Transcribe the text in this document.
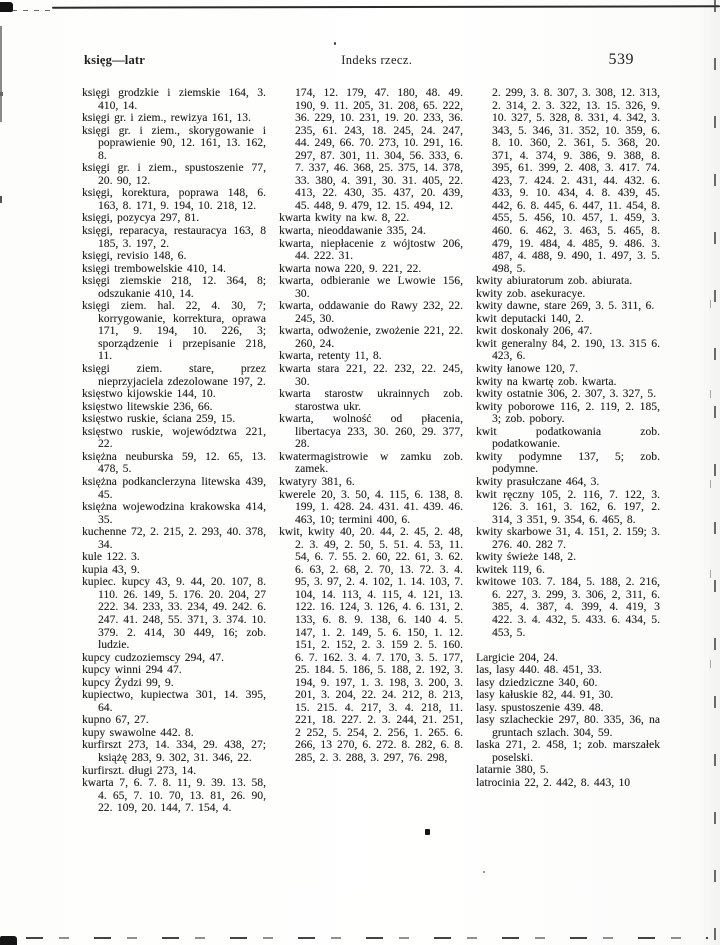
księg—latr	Indeks rzecz.	539

księgi grodzkie i ziemskie 164, 3. 410, 14.

księgi gr. i ziem., rewizya 161, 13.

księgi gr. i ziem., skorygowanie i poprawienie 90, 12. 161, 13. 162, 8.

księgi gr. i ziem., spustoszenie 77, 20. 90, 12.

księgi, korektura, poprawa 148, 6. 163, 8. 171, 9. 194, 10. 218, 12.

księgi, pozycya 297, 81.

księgi, reparacya, restauracya 163, 8 185, 3. 197, 2.

księgi, revisio 148, 6.

księgi trembowelskie 410, 14.

księgi ziemskie 218, 12. 364, 8; odszukanie 410, 14.

księgi ziem. hal. 22, 4. 30, 7; korrygowanie, korrektura, oprawa 171, 9. 194, 10. 226, 3; sporządzenie i przepisanie 218, 11.

księgi ziem. stare, przez nieprzyjaciela zdezolowane 197, 2.

księstwo kijowskie 144, 10.

księstwo litewskie 236, 66.

księstwo ruskie, ściana 259, 15.

księstwo ruskie, województwa 221, 22.

księżna neuburska 59, 12. 65, 13. 478, 5.

księżna podkanclerzyna litewska 439, 45.

księżna wojewodzina krakowska 414, 35.

kuchenne 72, 2. 215, 2. 293, 40. 378, 34.

kule 122. 3.

kupia 43, 9.

kupiec. kupcy 43, 9. 44, 20. 107, 8. 110. 26. 149, 5. 176. 20. 204, 27 222. 34. 233, 33. 234, 49. 242. 6. 247. 41. 248, 55. 371, 3. 374. 10. 379. 2. 414, 30 449, 16; zob. ludzie.

kupcy cudzoziemscy 294, 47.

kupcy winni 294 47.

kupcy Żydzi 99, 9.

kupiectwo, kupiectwa 301, 14. 395, 64.

kupno 67, 27.

kupy swawolne 442. 8.

kurfirszt 273, 14. 334, 29. 438, 27; książę 283, 9. 302, 31. 346, 22.

kurfirszt. długi 273, 14.

kwarta 7, 6. 7. 8. 11, 9. 39. 13. 58, 4. 65, 7. 10. 70, 13. 81, 26. 90, 22. 109, 20. 144, 7. 154, 4.

174, 12. 179, 47. 180, 48. 49. 190, 9. 11. 205, 31. 208, 65. 222, 36. 229, 10. 231, 19. 20. 233, 36. 235, 61. 243, 18. 245, 24. 247, 44. 249, 66. 70. 273, 10. 291, 16. 297, 87. 301, 11. 304, 56. 333, 6. 7. 337, 46. 368, 25. 375, 14. 378, 33. 380, 4. 391, 30. 31. 405, 22. 413, 22. 430, 35. 437, 20. 439, 45. 448, 9. 479, 12. 15. 494, 12.

kwarta kwity na kw. 8, 22.

kwarta, nieoddawanie 335, 24.

kwarta, niepłacenie z wójtostw 206, 44. 222. 31.

kwarta nowa 220, 9. 221, 22.

kwarta, odbieranie we Lwowie 156, 30.

kwarta, oddawanie do Rawy 232, 22. 245, 30.

kwarta, odwożenie, zwożenie 221, 22. 260, 24.

kwarta, retenty 11, 8.

kwarta stara 221, 22. 232, 22. 245, 30.

kwarta starostw ukrainnych zob. starostwa ukr.

kwarta, wolność od płacenia, libertacya 233, 30. 260, 29. 377, 28.

kwatermagistrowie w zamku zob. zamek.

kwatyry 381, 6.

kwerele 20, 3. 50, 4. 115, 6. 138, 8. 199, 1. 428. 24. 431. 41. 439. 46. 463, 10; termini 400, 6.

kwit, kwity 40, 20. 44, 2. 45, 2. 48, 2. 3. 49, 2. 50, 5. 51. 4. 53, 11. 54, 6. 7. 55. 2. 60, 22. 61, 3. 62. 6. 63, 2. 68, 2. 70, 13. 72. 3. 4. 95, 3. 97, 2. 4. 102, 1. 14. 103, 7. 104, 14. 113, 4. 115, 4. 121, 13. 122. 16. 124, 3. 126, 4. 6. 131, 2. 133, 6. 8. 9. 138, 6. 140 4. 5. 147, 1. 2. 149, 5. 6. 150, 1. 12. 151, 2. 152, 2. 3. 159 2. 5. 160. 6. 7. 162. 3. 4. 7. 170, 3. 5. 177, 25. 184. 5. 186, 5. 188, 2. 192, 3. 194, 9. 197, 1. 3. 198, 3. 200, 3. 201, 3. 204, 22. 24. 212, 8. 213, 15. 215. 4. 217, 3. 4. 218, 11. 221, 18. 227. 2. 3. 244, 21. 251, 2 252, 5. 254, 2. 256, 1. 265. 6. 266, 13 270, 6. 272. 8. 282, 6. 8. 285, 2. 3. 288, 3. 297, 76. 298,

2. 299, 3. 8. 307, 3. 308, 12. 313, 2. 314, 2. 3. 322, 13. 15. 326, 9. 10. 327, 5. 328, 8. 331, 4. 342, 3. 343, 5. 346, 31. 352, 10. 359, 6. 8. 10. 360, 2. 361, 5. 368, 20. 371, 4. 374, 9. 386, 9. 388, 8. 395, 61. 399, 2. 408, 3. 417. 74. 423, 7. 424. 2. 431, 44. 432. 6. 433, 9. 10. 434, 4. 8. 439, 45. 442, 6. 8. 445, 6. 447, 11. 454, 8. 455, 5. 456, 10. 457, 1. 459, 3. 460. 6. 462, 3. 463, 5. 465, 8. 479, 19. 484, 4. 485, 9. 486. 3. 487, 4. 488, 9. 490, 1. 497, 3. 5. 498, 5.

kwity abiuratorum zob. abiurata.

kwity zob. asekuracye.

kwity dawne, stare 269, 3. 5. 311, 6.

kwit deputacki 140, 2.

kwit doskonały 206, 47.

kwit generalny 84, 2. 190, 13. 315 6. 423, 6.

kwity łanowe 120, 7.

kwity na kwartę zob. kwarta.

kwity ostatnie 306, 2. 307, 3. 327, 5.

kwity poborowe 116, 2. 119, 2. 185, 3; zob. pobory.

kwit podatkowania zob. podatkowanie.

kwity podymne 137, 5; zob. podymne.

kwity prasułczane 464, 3.

kwit ręczny 105, 2. 116, 7. 122, 3. 126. 3. 161, 3. 162, 6. 197, 2. 314, 3 351, 9. 354, 6. 465, 8.

kwity skarbowe 31, 4. 151, 2. 159; 3. 276. 40. 282 7.

kwity świeże 148, 2.

kwitek 119, 6.

kwitowe 103. 7. 184, 5. 188, 2. 216, 6. 227, 3. 299, 3. 306, 2, 311, 6. 385, 4. 387, 4. 399, 4. 419, 3 422. 3. 4. 432, 5. 433. 6. 434, 5. 453, 5.

Largicie 204, 24.

las, lasy 440. 48. 451, 33.

lasy dziedziczne 340, 60.

lasy kałuskie 82, 44. 91, 30.

lasy. spustoszenie 439. 48.

lasy szlacheckie 297, 80. 335, 36, na gruntach szlach. 304, 59.

laska 271, 2. 458, 1; zob. marszałek poselski.

latarnie 380, 5.

latrocinia 22, 2. 442, 8. 443, 10
